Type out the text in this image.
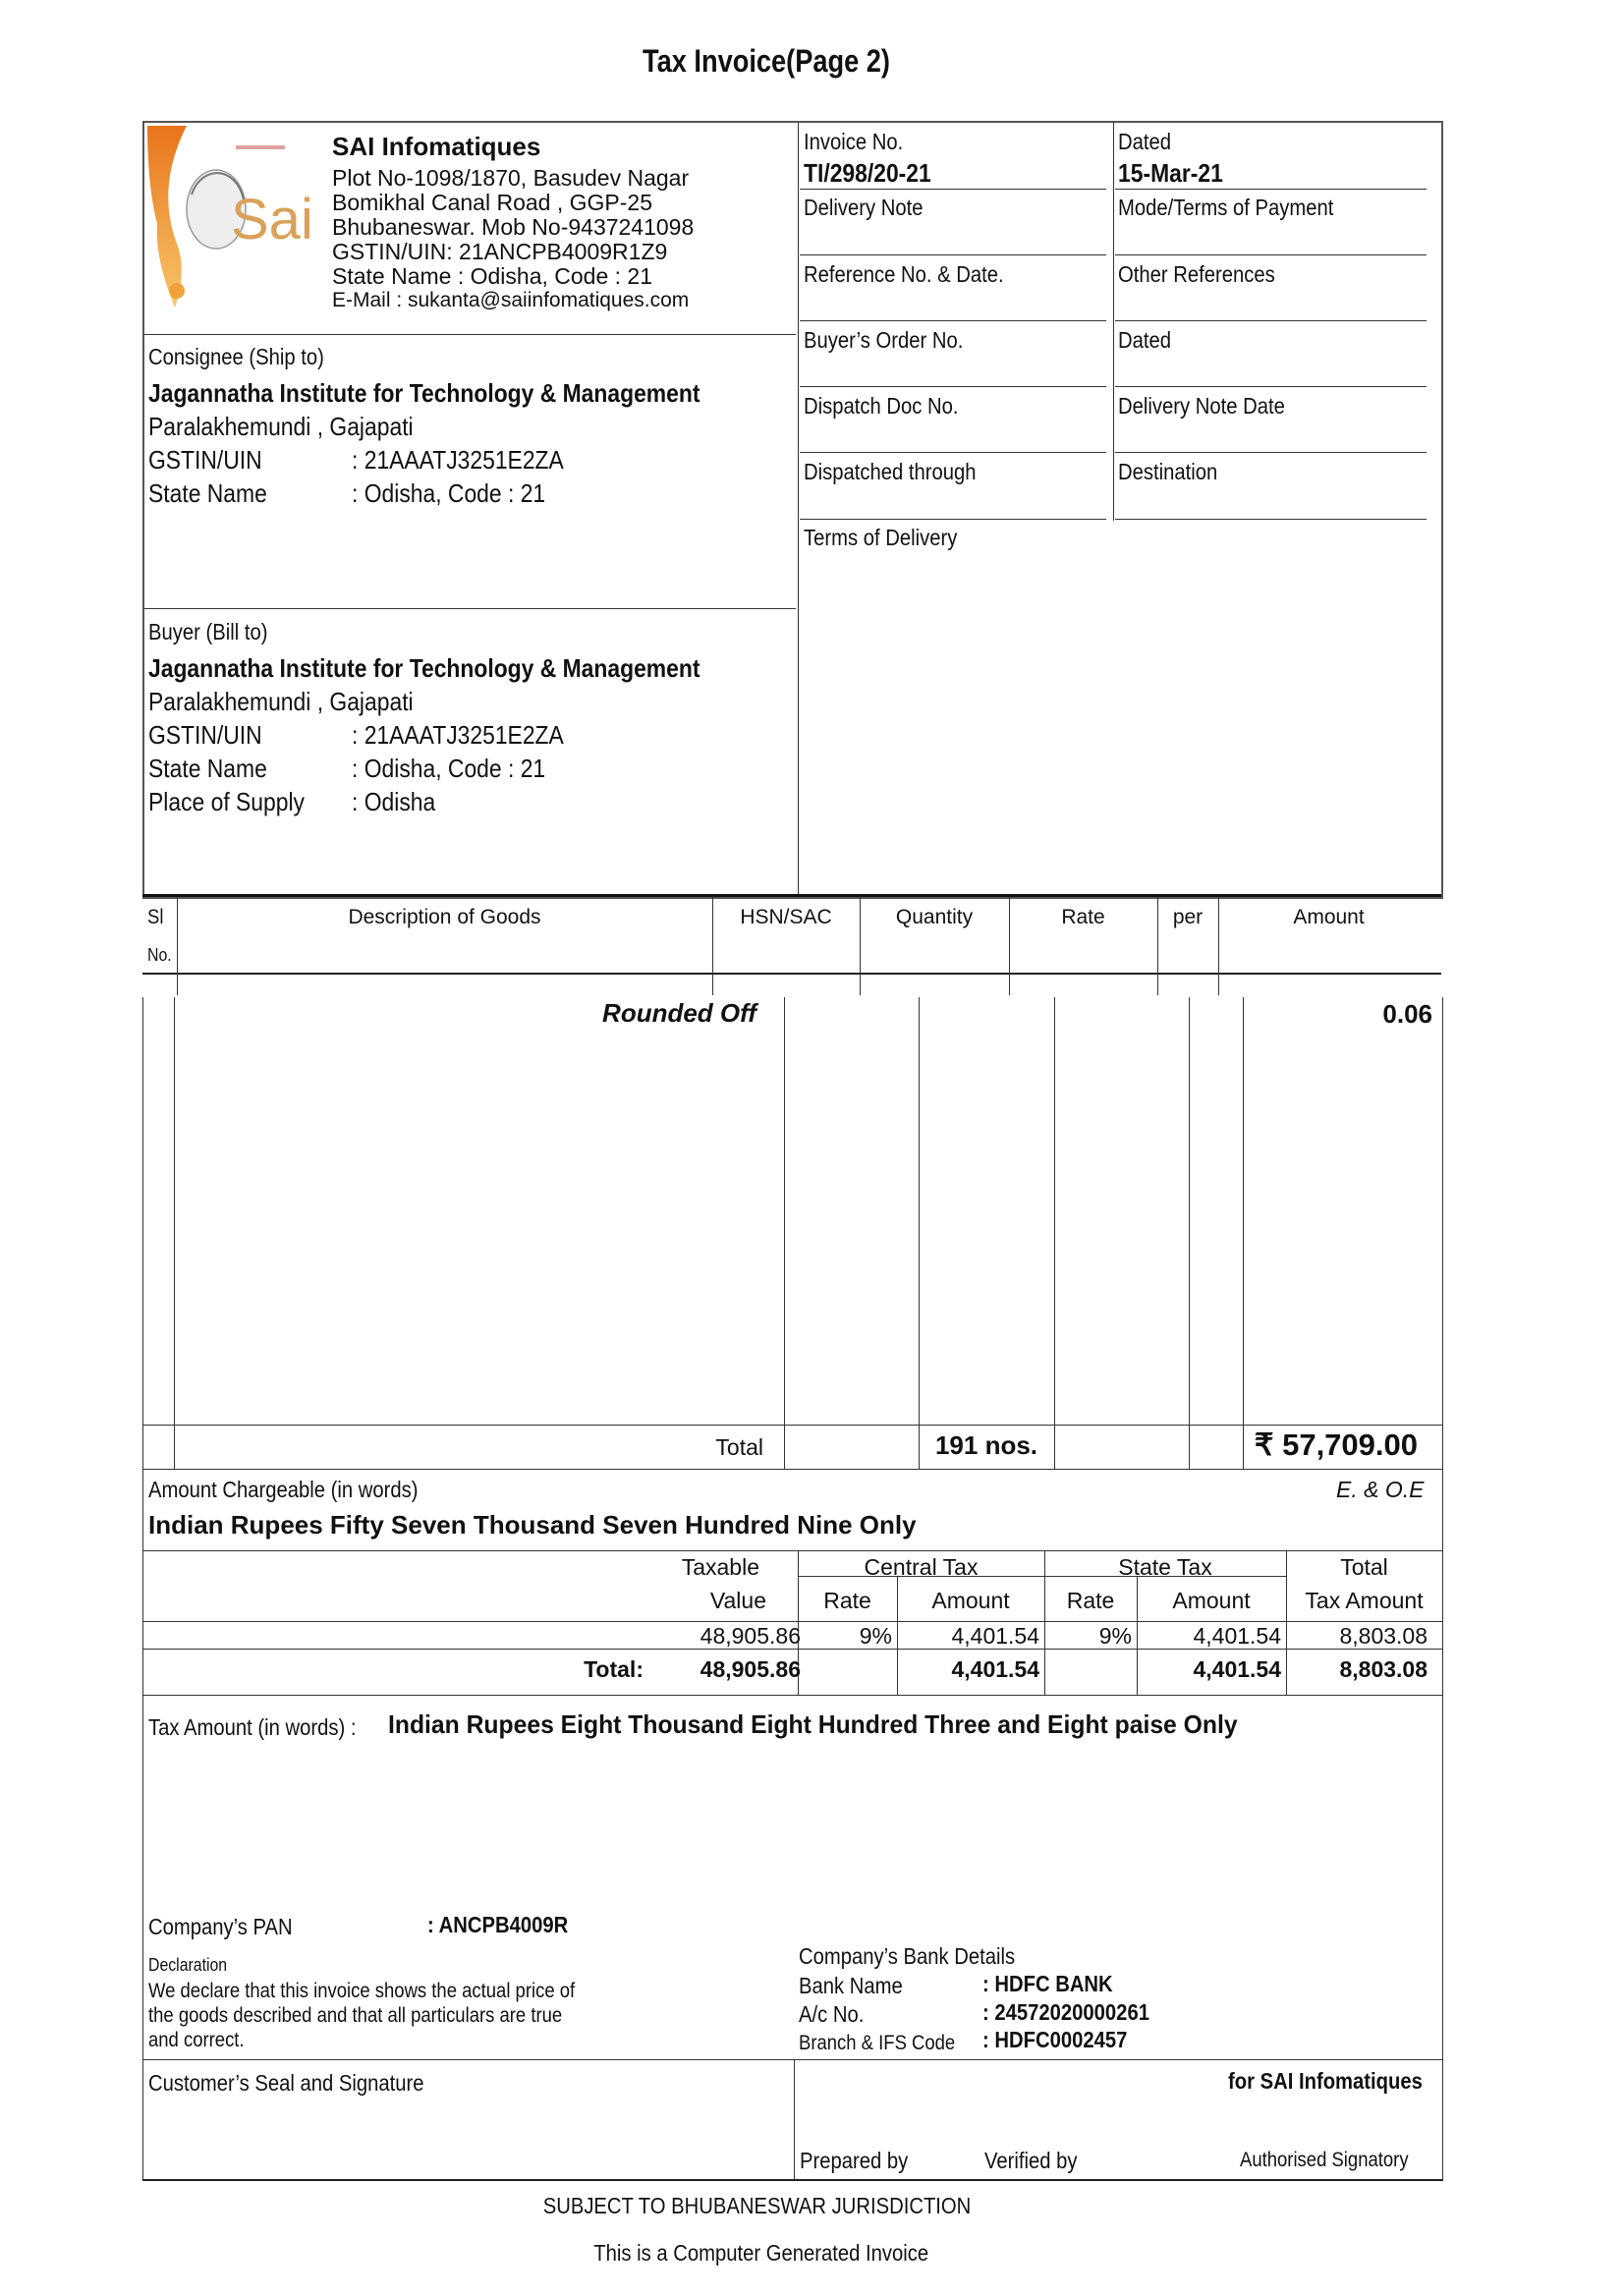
Tax Invoice(Page 2)
Sai
SAI Infomatiques
Plot No-1098/1870, Basudev Nagar
Bomikhal Canal Road , GGP-25
Bhubaneswar. Mob No-9437241098
GSTIN/UIN: 21ANCPB4009R1Z9
State Name : Odisha, Code : 21
E-Mail : sukanta@saiinfomatiques.com
Consignee (Ship to)
Jagannatha Institute for Technology & Management
Paralakhemundi , Gajapati
GSTIN/UIN	: 21AAATJ3251E2ZA
State Name	: Odisha, Code : 21
Buyer (Bill to)
Jagannatha Institute for Technology & Management
Paralakhemundi , Gajapati
GSTIN/UIN	: 21AAATJ3251E2ZA
State Name	: Odisha, Code : 21
Place of Supply	: Odisha
Invoice No.
TI/298/20-21
Dated
15-Mar-21
Delivery Note	Mode/Terms of Payment
Reference No. & Date.	Other References
Buyer’s Order No.	Dated
Dispatch Doc No.	Delivery Note Date
Dispatched through	Destination
Terms of Delivery
Sl
No.
Description of Goods	HSN/SAC	Quantity	Rate	per	Amount
Rounded Off	0.06
Total	191 nos.	₹ 57,709.00
Amount Chargeable (in words)	E. & O.E
Indian Rupees Fifty Seven Thousand Seven Hundred Nine Only
Taxable
Value
Central Tax	State Tax	Total
Rate	Amount	Rate	Amount	Tax Amount
48,905.86	9%	4,401.54	9%	4,401.54	8,803.08
Total:	48,905.86	4,401.54	4,401.54	8,803.08
Tax Amount (in words) :	Indian Rupees Eight Thousand Eight Hundred Three and Eight paise Only
Company’s PAN	: ANCPB4009R
Declaration
We declare that this invoice shows the actual price of
the goods described and that all particulars are true
and correct.
Company’s Bank Details
Bank Name	: HDFC BANK
A/c No.	: 24572020000261
Branch & IFS Code	: HDFC0002457
Customer’s Seal and Signature	for SAI Infomatiques
Prepared by	Verified by	Authorised Signatory
SUBJECT TO BHUBANESWAR JURISDICTION
This is a Computer Generated Invoice
